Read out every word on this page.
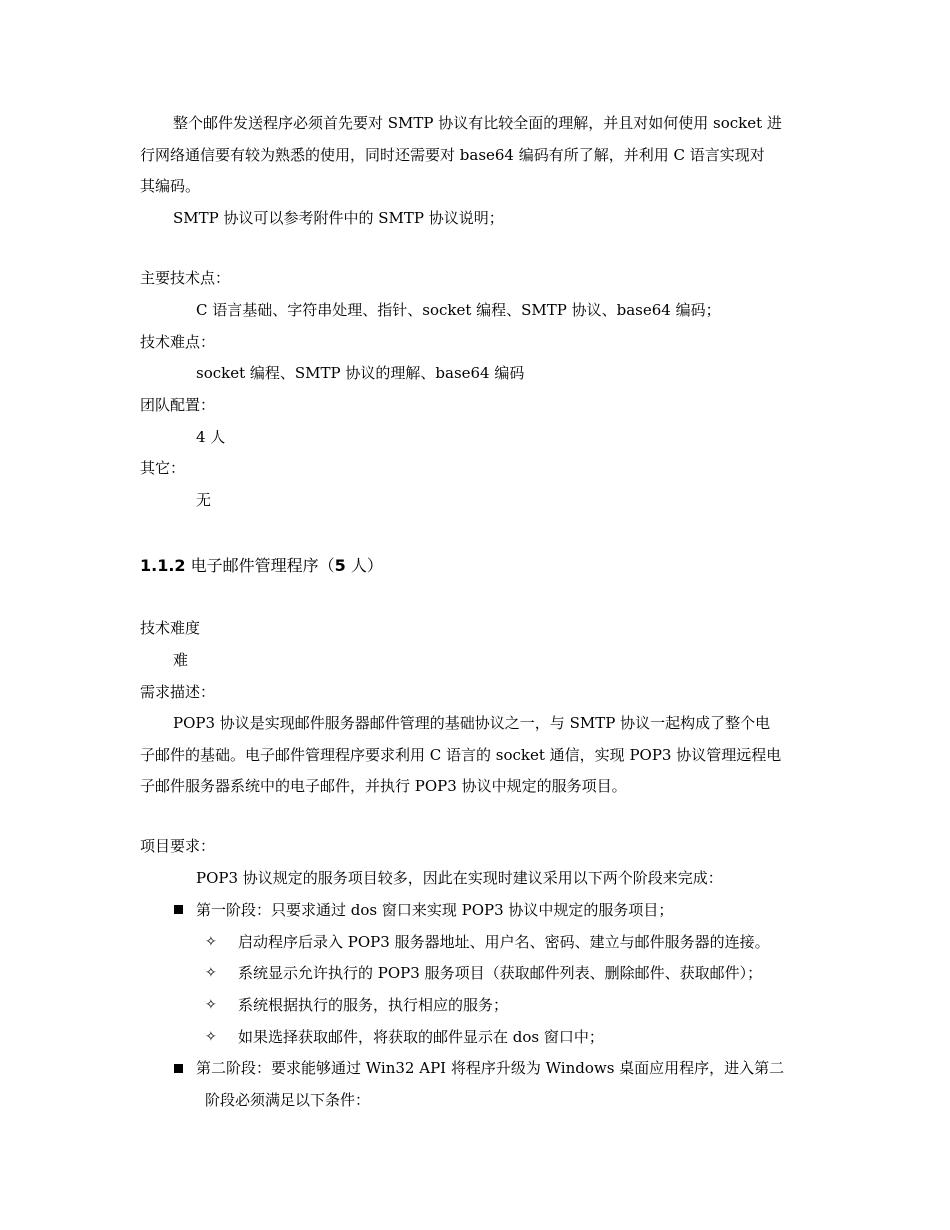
整个邮件发送程序必须首先要对 SMTP 协议有比较全面的理解，并且对如何使用 socket 进
行网络通信要有较为熟悉的使用，同时还需要对 base64 编码有所了解，并利用 C 语言实现对
其编码。
SMTP 协议可以参考附件中的 SMTP 协议说明；
主要技术点：
C 语言基础、字符串处理、指针、socket 编程、SMTP 协议、base64 编码；
技术难点：
socket 编程、SMTP 协议的理解、base64 编码
团队配置：
4 人
其它：
无
1.1.2 电子邮件管理程序（5 人）
技术难度
难
需求描述：
POP3 协议是实现邮件服务器邮件管理的基础协议之一，与 SMTP 协议一起构成了整个电
子邮件的基础。电子邮件管理程序要求利用 C 语言的 socket 通信，实现 POP3 协议管理远程电
子邮件服务器系统中的电子邮件，并执行 POP3 协议中规定的服务项目。
项目要求：
POP3 协议规定的服务项目较多，因此在实现时建议采用以下两个阶段来完成：
第一阶段：只要求通过 dos 窗口来实现 POP3 协议中规定的服务项目；
✧ 启动程序后录入 POP3 服务器地址、用户名、密码、建立与邮件服务器的连接。
✧ 系统显示允许执行的 POP3 服务项目（获取邮件列表、删除邮件、获取邮件）；
✧ 系统根据执行的服务，执行相应的服务；
✧ 如果选择获取邮件，将获取的邮件显示在 dos 窗口中；
第二阶段：要求能够通过 Win32 API 将程序升级为 Windows 桌面应用程序，进入第二
阶段必须满足以下条件：
